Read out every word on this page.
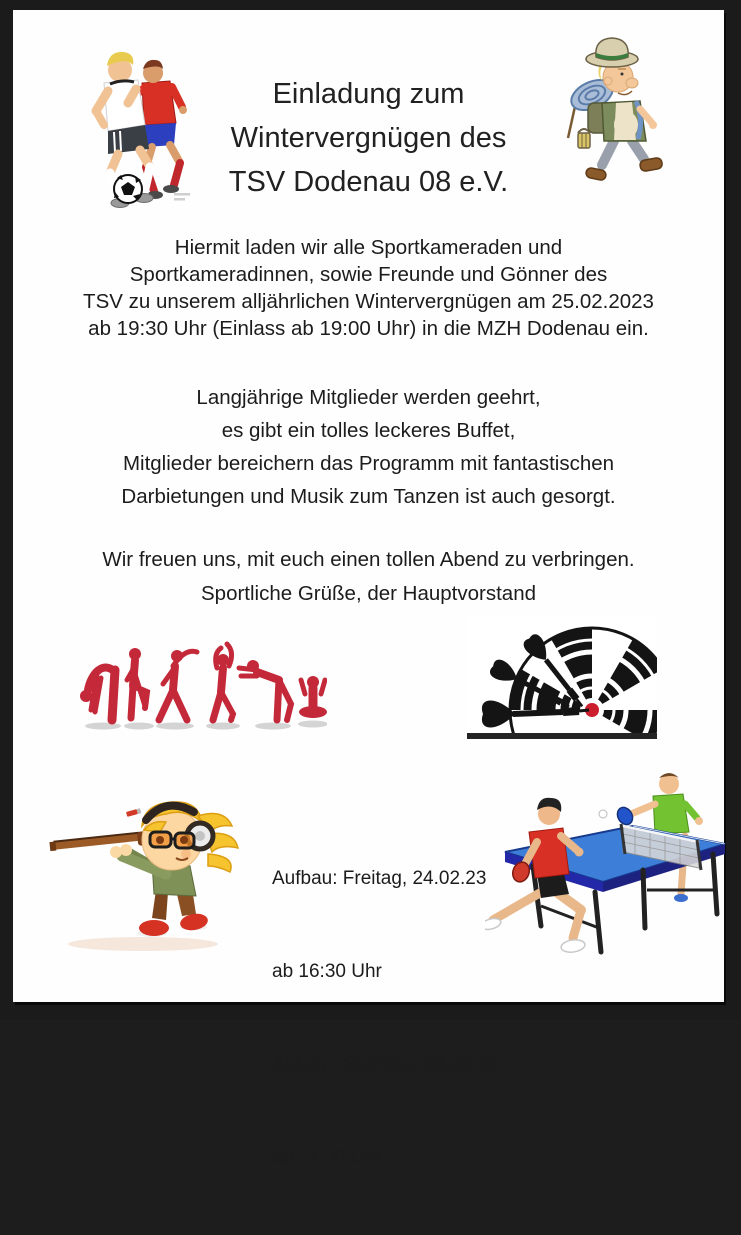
Einladung zum
Wintervergnügen des
TSV Dodenau 08 e.V.
Hiermit laden wir alle Sportkameraden und
Sportkameradinnen, sowie Freunde und Gönner des
TSV zu unserem alljährlichen Wintervergnügen am 25.02.2023
ab 19:30 Uhr (Einlass ab 19:00 Uhr) in die MZH Dodenau ein.
Langjährige Mitglieder werden geehrt,
es gibt ein tolles leckeres Buffet,
Mitglieder bereichern das Programm mit fantastischen
Darbietungen und Musik zum Tanzen ist auch gesorgt.
Wir freuen uns, mit euch einen tollen Abend zu verbringen.
Sportliche Grüße, der Hauptvorstand

Aufbau: Freitag, 24.02.23

ab 16:30 Uhr

Abbau:  Sonntag, 26.02.23

ab 11.00 Uhr
